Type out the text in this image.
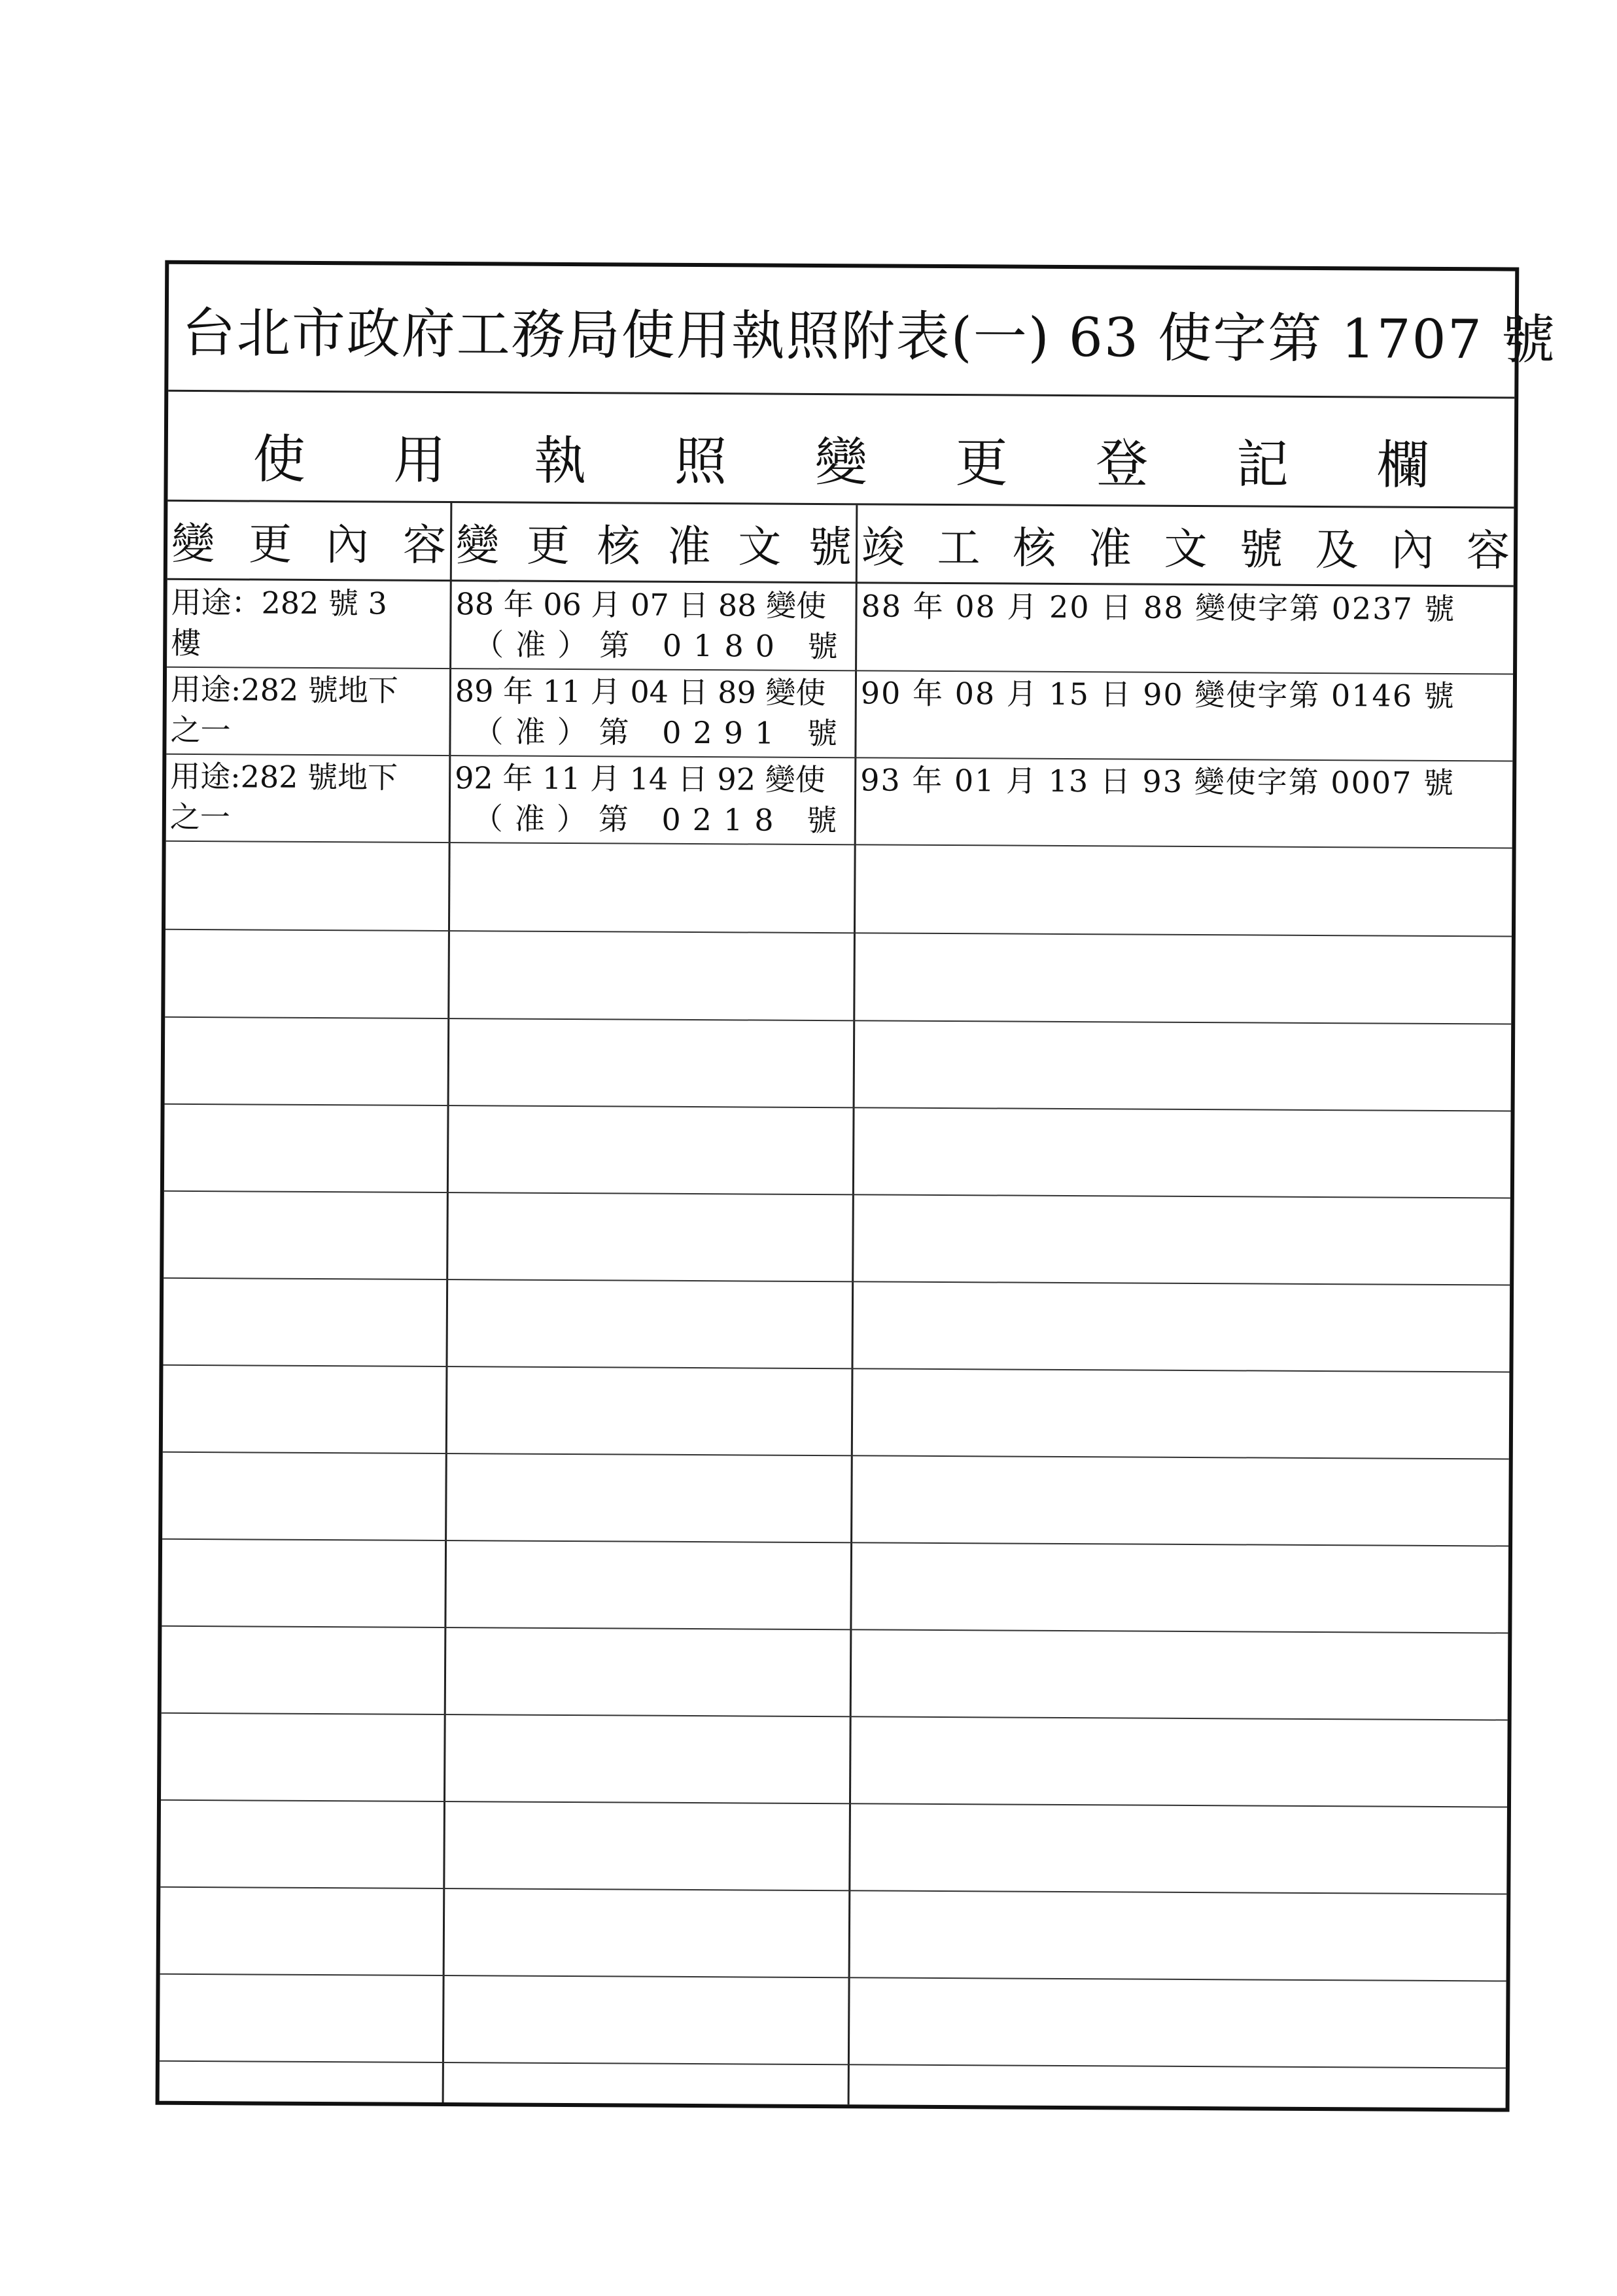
台北市政府工務局使用執照附表(一) 63 使字第 1707 號
使 用 執 照 變 更 登 記 欄
變 更 內 容 變 更 核 准 文 號 竣 工 核 准 文 號 及 內 容
用途：282 號 3
樓
88 年 06 月 07 日 88 變使
（准）第 0180 號
88 年 08 月 20 日 88 變使字第 0237 號
用途:282 號地下
之一
89 年 11 月 04 日 89 變使
（准）第 0291 號
90 年 08 月 15 日 90 變使字第 0146 號
用途:282 號地下
之一
92 年 11 月 14 日 92 變使
（准）第 0218 號
93 年 01 月 13 日 93 變使字第 0007 號
